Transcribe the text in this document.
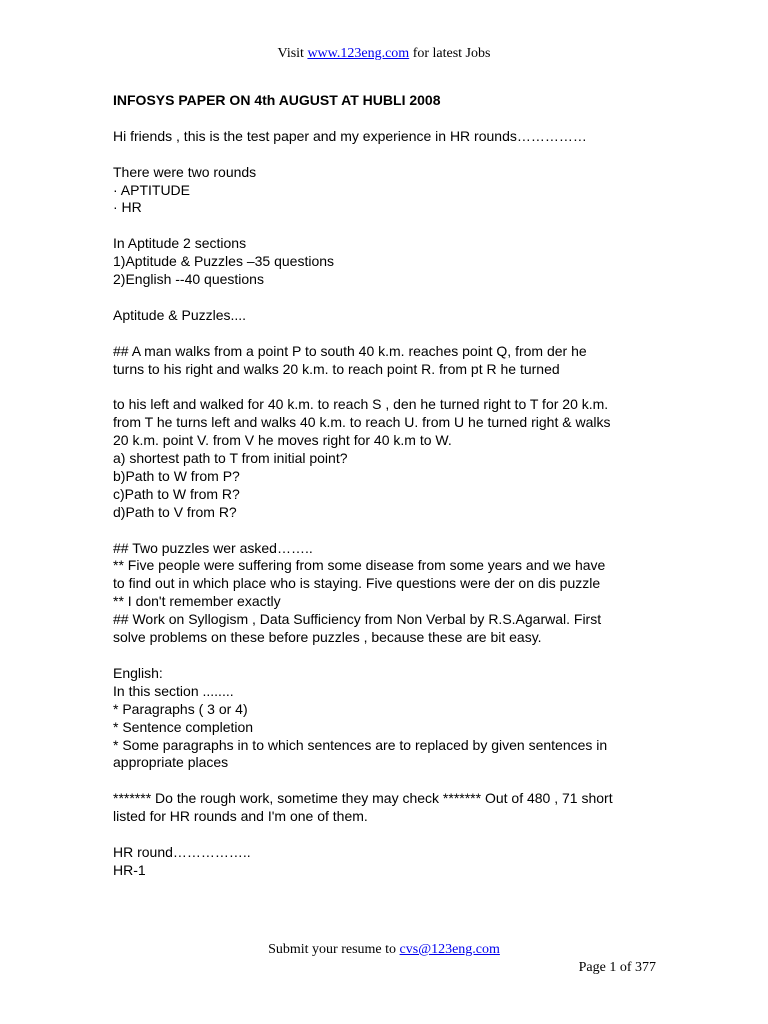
Visit www.123eng.com for latest Jobs

INFOSYS PAPER ON 4th AUGUST AT HUBLI 2008

Hi friends , this is the test paper and my experience in HR rounds……………

There were two rounds

· APTITUDE

· HR

In Aptitude 2 sections

1)Aptitude & Puzzles –35 questions

2)English --40 questions

Aptitude & Puzzles....

## A man walks from a point P to south 40 k.m. reaches point Q, from der he

turns to his right and walks 20 k.m. to reach point R. from pt R he turned

to his left and walked for 40 k.m. to reach S , den he turned right to T for 20 k.m.

from T he turns left and walks 40 k.m. to reach U. from U he turned right & walks

20 k.m. point V. from V he moves right for 40 k.m to W.

a) shortest path to T from initial point?

b)Path to W from P?

c)Path to W from R?

d)Path to V from R?

## Two puzzles wer asked……..

** Five people were suffering from some disease from some years and we have

to find out in which place who is staying. Five questions were der on dis puzzle

** I don't remember exactly

## Work on Syllogism , Data Sufficiency from Non Verbal by R.S.Agarwal. First

solve problems on these before puzzles , because these are bit easy.

English:

In this section ........

* Paragraphs ( 3 or 4)

* Sentence completion

* Some paragraphs in to which sentences are to replaced by given sentences in

appropriate places

******* Do the rough work, sometime they may check ******* Out of 480 , 71 short

listed for HR rounds and I'm one of them.

HR round……………..

HR-1

Submit your resume to cvs@123eng.com
Page 1 of 377
